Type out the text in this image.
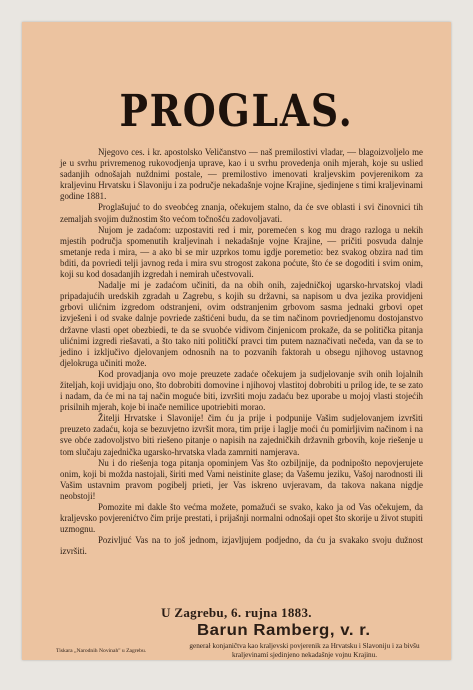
PROGLAS.

Njegovo ces. i kr. apostolsko Veličanstvo — naš premilostivi vladar, — blagoizvoljelo me je u svrhu privremenog rukovodjenja uprave, kao i u svrhu provedenja onih mjerah, koje su uslied sadanjih odnošajah nuždnimi postale, — premilostivo imenovati kraljevskim povjerenikom za kraljevinu Hrvatsku i Slavoniju i za područje nekadašnje vojne Krajine, sjedinjene s timi kraljevinami godine 1881.

Proglašujuć to do sveobćeg znanja, očekujem stalno, da će sve oblasti i svi činovnici tih zemaljah svojim dužnostim što većom točnošću zadovoljavati.

Nujom je zadaćom: uzpostaviti red i mir, poremećen s kog mu drago razloga u nekih mjestih područja spomenutih kraljevinah i nekadašnje vojne Krajine, — pričiti posvuda dalnje smetanje reda i mira, — a ako bi se mir uzprkos tomu igdje poremetio: bez svakog obzira nad tim bditi, da povriedi telji javnog reda i mira svu strogost zakona poćute, što će se dogoditi i svim onim, koji su kod dosadanjih izgredah i nemirah učestvovali.

Nadalje mi je zadaćom učiniti, da na obih onih, zajedničkoj ugarsko-hrvatskoj vladi pripadajućih uredskih zgradah u Zagrebu, s kojih su državni, sa napisom u dva jezika providjeni grbovi ulićnim izgredom odstranjeni, ovim odstranjenim grbovom sasma jednaki grbovi opet izvješeni i od svake dalnje povriede zaštićeni budu, da se tim načinom povriedjenomu dostojanstvo državne vlasti opet obezbiedi, te da se svuobće vidivom činjenicom prokaže, da se politička pitanja ulićnimi izgredi riešavati, a što tako niti političkí pravci tim putem naznačivati nečeda, van da se to jedino i izključivo djelovanjem odnosnih na to pozvanih faktorah u obsegu njihovog ustavnog djelokruga učiniti može.

Kod provadjanja ovo moje preuzete zadaće očekujem ja sudjelovanje svih onih lojalnih žiteljah, koji uvidjaju ono, što dobrobiti domovine i njihovoj vlastitoj dobrobiti u prilog ide, te se zato i nadam, da će mi na taj način moguće biti, izvršiti moju zadaću bez uporabe u mojoj vlasti stojećih prisilnih mjerah, koje bi inače nemilice upotriebiti morao.

Žitelji Hrvatske i Slavonije! čim ću ja prije i podpunije Vašim sudjelovanjem izvršiti preuzeto zadaću, koja se bezuvjetno izvršit mora, tim prije i laglje moći ću pomirljivim načinom i na sve obće zadovoljstvo biti riešeno pitanje o napisih na zajedničkih državnih grbovih, koje riešenje u tom slučaju zajednička ugarsko-hrvatska vlada zamrniti namjerava.

Nu i do riešenja toga pitanja opominjem Vas što ozbiljnije, da podnipošto nepovjerujete onim, koji bi možda nastojali, širiti med Vami neistinite glase; da Vašemu jeziku, Vašoj narodnosti ili Vašim ustavnim pravom pogibelj prieti, jer Vas iskreno uvjeravam, da takova nakana nigdje neobstoji!

Pomozite mi dakle što većma možete, pomažući se svako, kako ja od Vas očekujem, da kraljevsko povjerenićtvo čim prije prestati, i prijašnji normalni odnošaji opet što skorije u život stupiti uzmognu.

Pozivljuć Vas na to još jednom, izjavljujem podjedno, da ću ja svakako svoju dužnost izvršiti.

U Zagrebu, 6. rujna 1883.
Barun Ramberg, v. r.
generał konjaničtva kao kraljevski povjerenik za Hrvatsku i Slavoniju i za bivšu kraljevinamí sjedinjeno nekadašnje vojnu Krajinu.
Tiskara „Narodnih Novinah" u Zagrebu.
